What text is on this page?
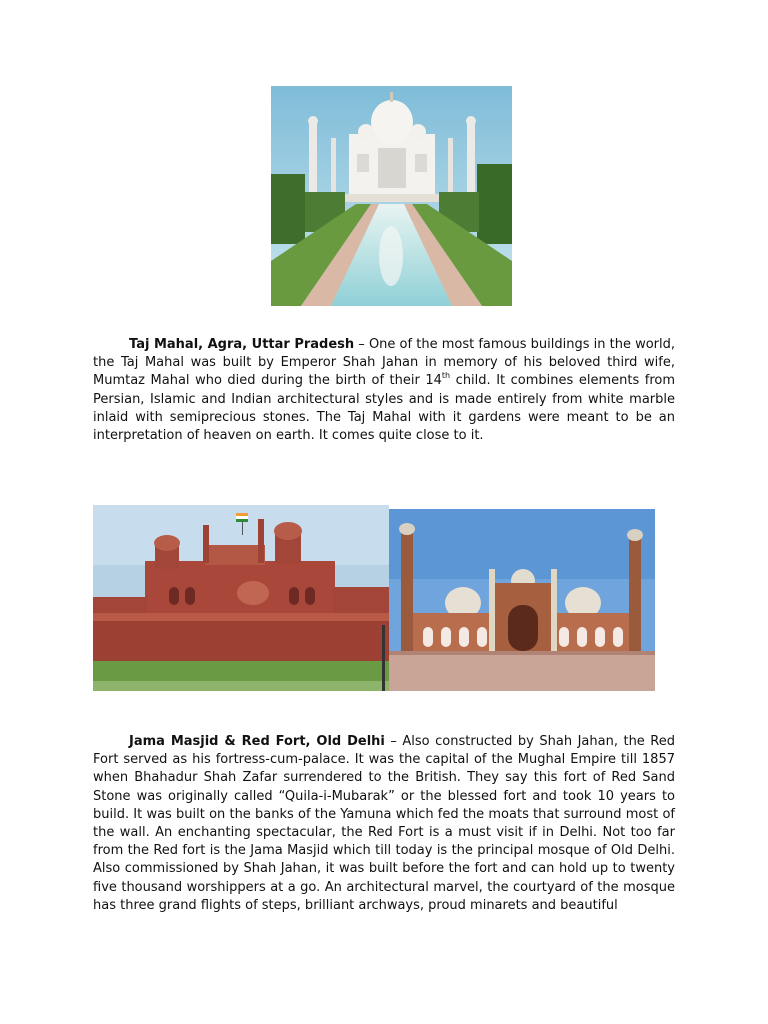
Taj Mahal, Agra, Uttar Pradesh – One of the most famous buildings in the world, the Taj Mahal was built by Emperor Shah Jahan in memory of his beloved third wife, Mumtaz Mahal who died during the birth of their 14th child. It combines elements from Persian, Islamic and Indian architectural styles and is made entirely from white marble inlaid with semiprecious stones. The Taj Mahal with it gardens were meant to be an interpretation of heaven on earth. It comes quite close to it.

Jama Masjid & Red Fort, Old Delhi – Also constructed by Shah Jahan, the Red Fort served as his fortress-cum-palace. It was the capital of the Mughal Empire till 1857 when Bhahadur Shah Zafar surrendered to the British. They say this fort of Red Sand Stone was originally called “Quila-i-Mubarak” or the blessed fort and took 10 years to build. It was built on the banks of the Yamuna which fed the moats that surround most of the wall. An enchanting spectacular, the Red Fort is a must visit if in Delhi. Not too far from the Red fort is the Jama Masjid which till today is the principal mosque of Old Delhi. Also commissioned by Shah Jahan, it was built before the fort and can hold up to twenty five thousand worshippers at a go. An architectural marvel, the courtyard of the mosque has three grand flights of steps, brilliant archways, proud minarets and beautiful
